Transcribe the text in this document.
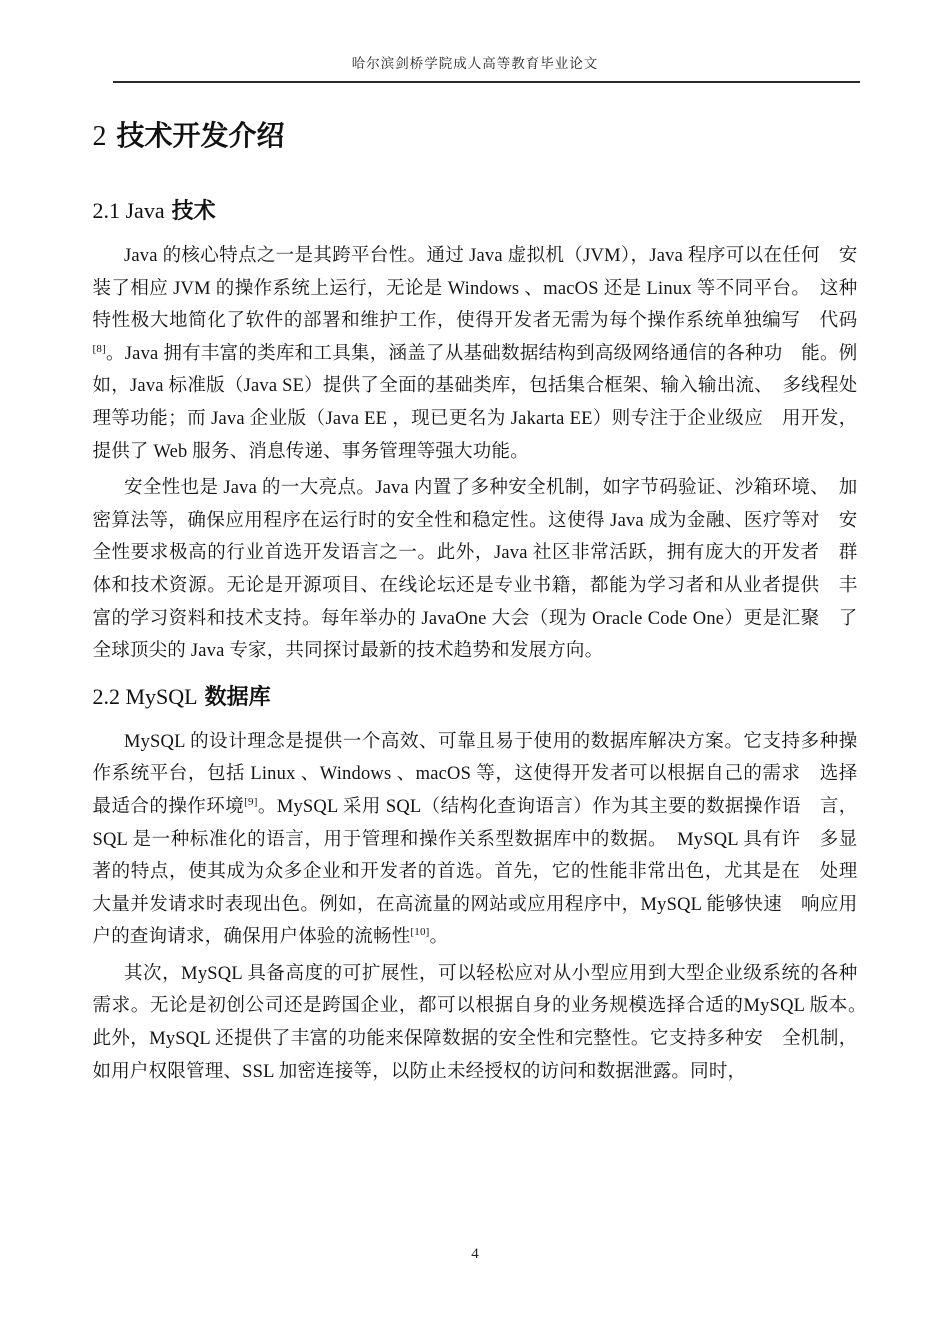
哈尔滨剑桥学院成人高等教育毕业论文
2 技术开发介绍
2.1 Java 技术

Java 的核心特点之一是其跨平台性。通过 Java 虚拟机（JVM），Java 程序可以在任何　安装了相应 JVM 的操作系统上运行，无论是 Windows 、macOS 还是 Linux 等不同平台。　这种特性极大地简化了软件的部署和维护工作，使得开发者无需为每个操作系统单独编写　代码[8]。Java 拥有丰富的类库和工具集，涵盖了从基础数据结构到高级网络通信的各种功　能。例如，Java 标准版（Java SE）提供了全面的基础类库，包括集合框架、输入输出流、　多线程处理等功能；而 Java 企业版（Java EE ，现已更名为 Jakarta EE）则专注于企业级应　用开发，提供了 Web 服务、消息传递、事务管理等强大功能。

安全性也是 Java 的一大亮点。Java 内置了多种安全机制，如字节码验证、沙箱环境、　加密算法等，确保应用程序在运行时的安全性和稳定性。这使得 Java 成为金融、医疗等对　安全性要求极高的行业首选开发语言之一。此外，Java 社区非常活跃，拥有庞大的开发者　群体和技术资源。无论是开源项目、在线论坛还是专业书籍，都能为学习者和从业者提供　丰富的学习资料和技术支持。每年举办的 JavaOne 大会（现为 Oracle Code One）更是汇聚　了全球顶尖的 Java 专家，共同探讨最新的技术趋势和发展方向。

2.2 MySQL 数据库

MySQL 的设计理念是提供一个高效、可靠且易于使用的数据库解决方案。它支持多种操作系统平台，包括 Linux 、Windows 、macOS 等，这使得开发者可以根据自己的需求　选择最适合的操作环境[9]。MySQL 采用 SQL（结构化查询语言）作为其主要的数据操作语　言，SQL 是一种标准化的语言，用于管理和操作关系型数据库中的数据。　MySQL 具有许　多显著的特点，使其成为众多企业和开发者的首选。首先，它的性能非常出色，尤其是在　处理大量并发请求时表现出色。例如，在高流量的网站或应用程序中，MySQL 能够快速　响应用户的查询请求，确保用户体验的流畅性[10]。

其次，MySQL 具备高度的可扩展性，可以轻松应对从小型应用到大型企业级系统的各种需求。无论是初创公司还是跨国企业，都可以根据自身的业务规模选择合适的MySQL 版本。　此外，MySQL 还提供了丰富的功能来保障数据的安全性和完整性。它支持多种安　全机制，如用户权限管理、SSL 加密连接等，以防止未经授权的访问和数据泄露。同时，

4
